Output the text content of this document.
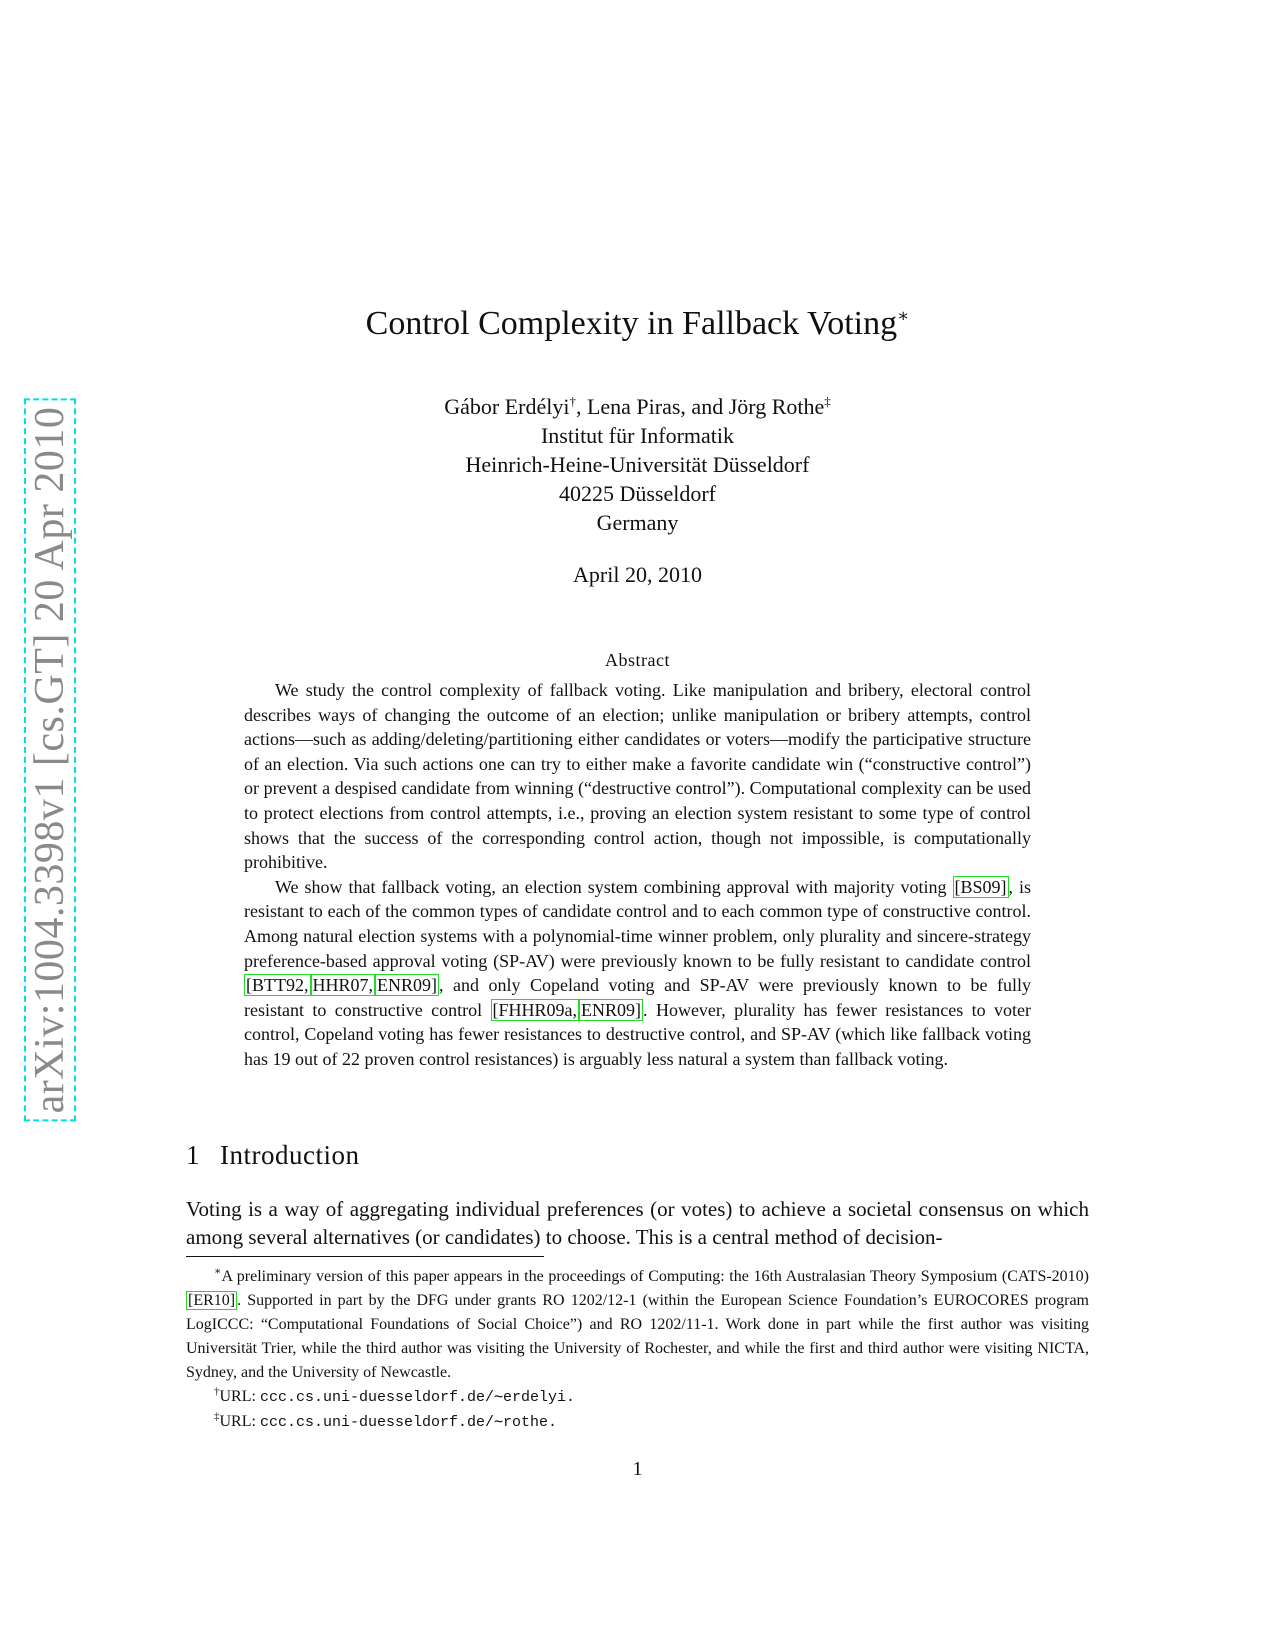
arXiv:1004.3398v1 [cs.GT] 20 Apr 2010
Control Complexity in Fallback Voting∗
Gábor Erdélyi†, Lena Piras, and Jörg Rothe‡
Institut für Informatik
Heinrich-Heine-Universität Düsseldorf
40225 Düsseldorf
Germany
April 20, 2010
Abstract

We study the control complexity of fallback voting. Like manipulation and bribery, electoral control describes ways of changing the outcome of an election; unlike manipulation or bribery attempts, control actions—such as adding/deleting/partitioning either candidates or voters—modify the participative structure of an election. Via such actions one can try to either make a favorite candidate win (“constructive control”) or prevent a despised candidate from winning (“destructive control”). Computational complexity can be used to protect elections from control attempts, i.e., proving an election system resistant to some type of control shows that the success of the corresponding control action, though not impossible, is computationally prohibitive.

We show that fallback voting, an election system combining approval with majority voting [BS09] , is resistant to each of the common types of candidate control and to each common type of constructive control. Among natural election systems with a polynomial-time winner problem, only plurality and sincere-strategy preference-based approval voting (SP-AV) were previously known to be fully resistant to candidate control [BTT92, HHR07, ENR09] , and only Copeland voting and SP-AV were previously known to be fully resistant to constructive control [FHHR09a, ENR09] . However, plurality has fewer resistances to voter control, Copeland voting has fewer resistances to destructive control, and SP-AV (which like fallback voting has 19 out of 22 proven control resistances) is arguably less natural a system than fallback voting.

1 Introduction

Voting is a way of aggregating individual preferences (or votes) to achieve a societal consensus on which among several alternatives (or candidates) to choose. This is a central method of decision-

∗A preliminary version of this paper appears in the proceedings of Computing: the 16th Australasian Theory Symposium (CATS-2010) [ER10] . Supported in part by the DFG under grants RO 1202/12-1 (within the European Science Foundation’s EUROCORES program LogICCC: “Computational Foundations of Social Choice”) and RO 1202/11-1. Work done in part while the first author was visiting Universität Trier, while the third author was visiting the University of Rochester, and while the first and third author were visiting NICTA, Sydney, and the University of Newcastle.

†URL: ccc.cs.uni-duesseldorf.de/∼erdelyi.

‡URL: ccc.cs.uni-duesseldorf.de/∼rothe.

1
